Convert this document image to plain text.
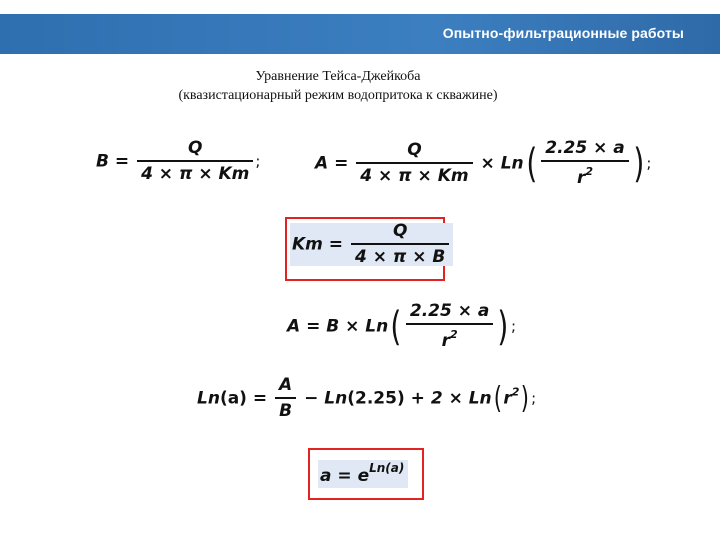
Опытно-фильтрационные работы
Уравнение Тейса-Джейкоба
(квазистационарный режим водопритока к скважине)
$B = \frac{Q}{4 \times \pi \times Km}$ ;	$A = \frac{Q}{4 \times \pi \times Km} \times Ln( \frac{2.25 \times a}{r^2}$ ) ;
$Km = \frac{Q}{4 \times \pi \times B}$
$A = B \times Ln( \frac{2.25 \times a}{r^2}$ ) ;
$Ln(a) = \frac{A}{B} - Ln(2.25) + 2 \times Ln$( $r^2$) ;
$a = e^{Ln(a)}$
